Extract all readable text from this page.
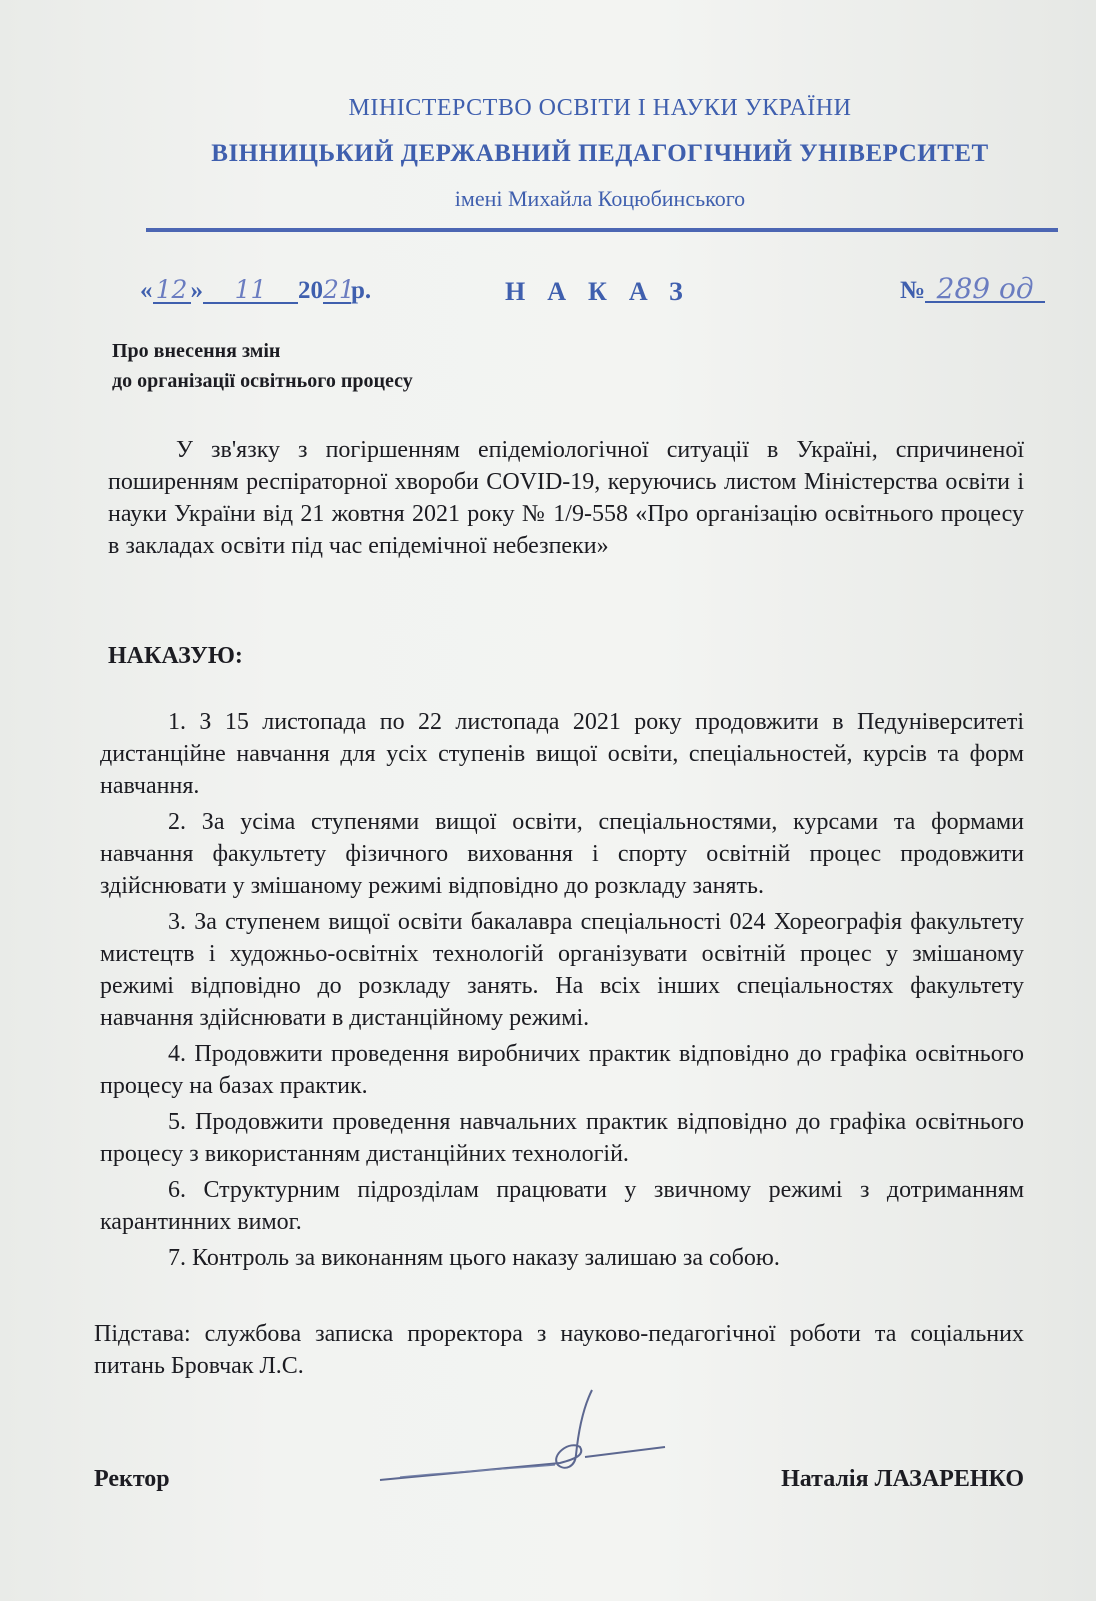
МІНІСТЕРСТВО ОСВІТИ І НАУКИ УКРАЇНИ
ВІННИЦЬКИЙ ДЕРЖАВНИЙ ПЕДАГОГІЧНИЙ УНІВЕРСИТЕТ
імені Михайла Коцюбинського
« 12 » 11 2021р.	НАКАЗ	№ 289 од
Про внесення змін
до організації освітнього процесу
У зв'язку з погіршенням епідеміологічної ситуації в Україні, спричиненої поширенням респіраторної хвороби COVID-19, керуючись листом Міністерства освіти і науки України від 21 жовтня 2021 року № 1/9-558 «Про організацію освітнього процесу в закладах освіти під час епідемічної небезпеки»
НАКАЗУЮ:

1. З 15 листопада по 22 листопада 2021 року продовжити в Педуніверситеті дистанційне навчання для усіх ступенів вищої освіти, спеціальностей, курсів та форм навчання.

2. За усіма ступенями вищої освіти, спеціальностями, курсами та формами навчання факультету фізичного виховання і спорту освітній процес продовжити здійснювати у змішаному режимі відповідно до розкладу занять.

3. За ступенем вищої освіти бакалавра спеціальності 024 Хореографія факультету мистецтв і художньо-освітніх технологій організувати освітній процес у змішаному режимі відповідно до розкладу занять. На всіх інших спеціальностях факультету навчання здійснювати в дистанційному режимі.

4. Продовжити проведення виробничих практик відповідно до графіка освітнього процесу на базах практик.

5. Продовжити проведення навчальних практик відповідно до графіка освітнього процесу з використанням дистанційних технологій.

6. Структурним підрозділам працювати у звичному режимі з дотриманням карантинних вимог.

7. Контроль за виконанням цього наказу залишаю за собою.

Підстава: службова записка проректора з науково-педагогічної роботи та соціальних питань Бровчак Л.С.
Ректор	Наталія ЛАЗАРЕНКО
